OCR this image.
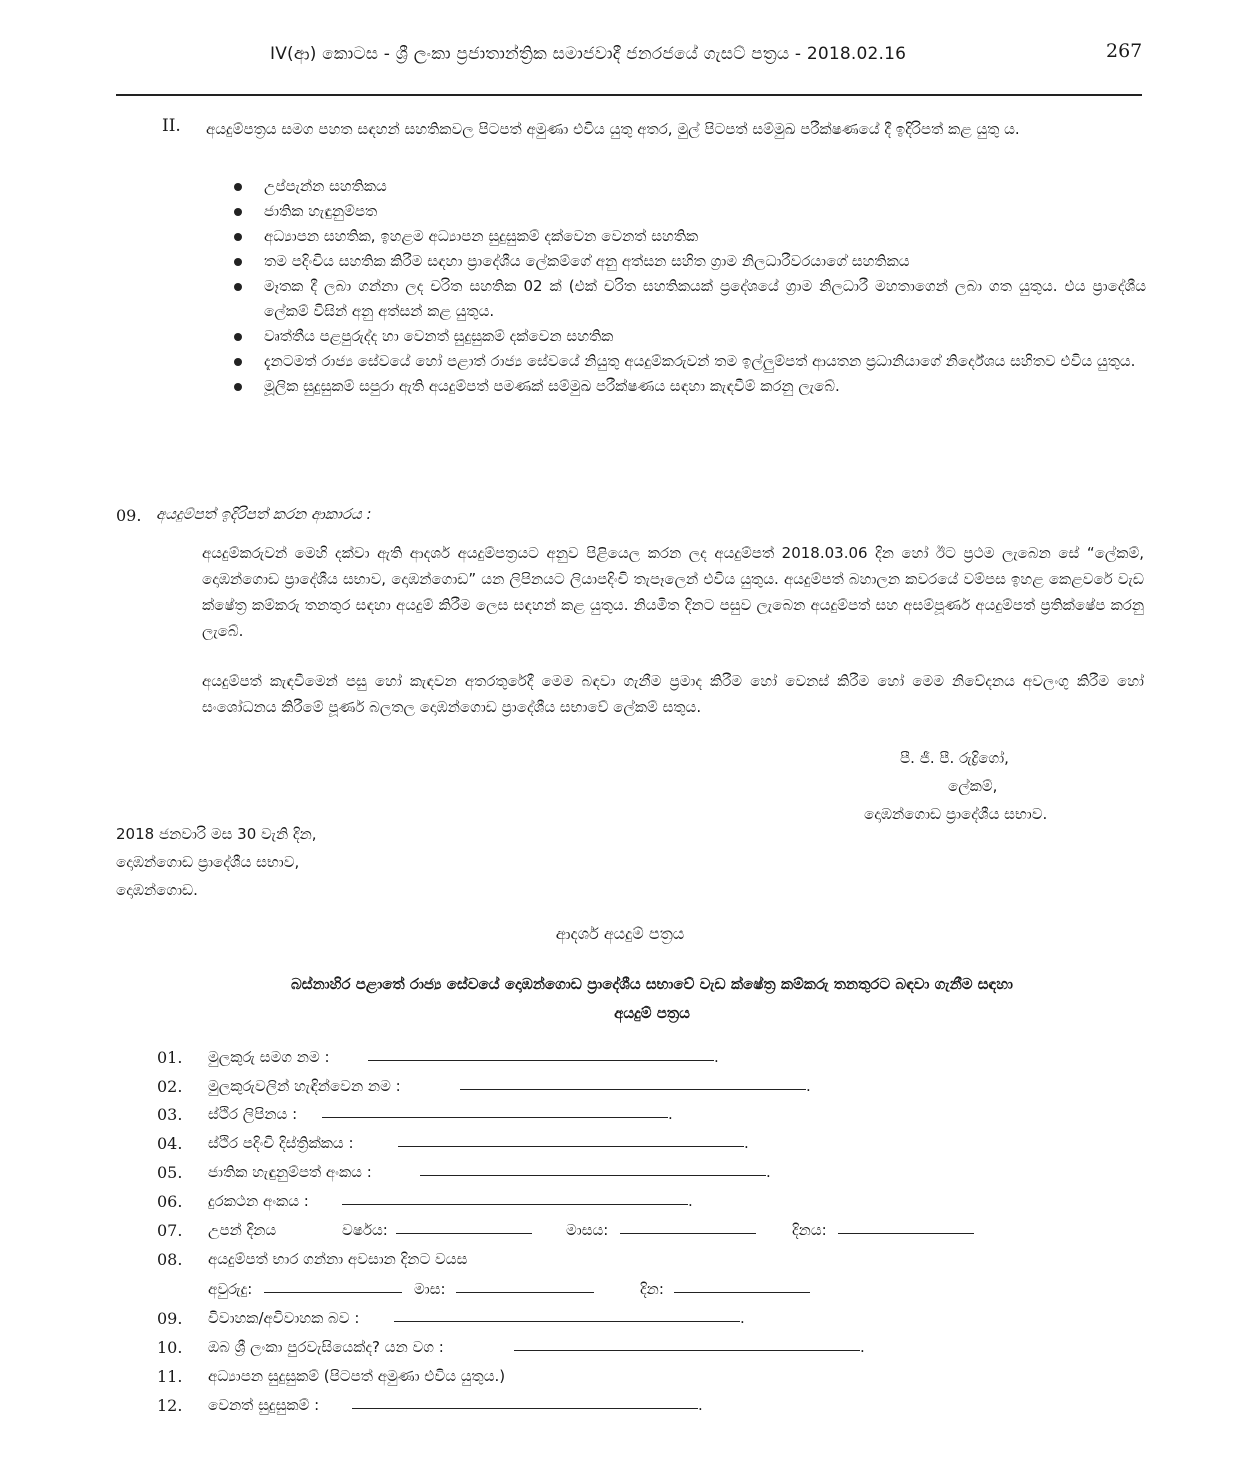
IV(ආ) කොටස - ශ්‍රී ලංකා ප්‍රජාතාන්ත්‍රික සමාජවාදී ජනරජයේ ගැසට් පත්‍රය - 2018.02.16	267
II. අයදුම්පත්‍රය සමග පහත සඳහන් සහතිකවල පිටපත් අමුණා එවිය යුතු අතර, මුල් පිටපත් සම්මුඛ පරීක්ෂණයේ දී ඉදිරිපත් කළ යුතු ය.
උප්පැන්න සහතිකය
ජාතික හැඳුනුම්පත
අධ්‍යාපන සහතික, ඉහළම අධ්‍යාපන සුදුසුකම් දක්වෙන වෙනත් සහතික
තම පදිංචිය සහතික කිරීම සඳහා ප්‍රාදේශීය ලේකම්ගේ අනු අත්සන සහිත ග්‍රාම නිලධාරීවරයාගේ සහතිකය
මෑතක දී ලබා ගන්නා ලද චරිත සහතික 02 ක් (එක් චරිත සහතිකයක් ප්‍රදේශයේ ග්‍රාම නිලධාරී මහතාගෙන් ලබා ගත යුතුය. එය ප්‍රාදේශීය ලේකම් විසින් අනු අත්සන් කළ යුතුය.
වෘත්තීය පළපුරුද්ද හා වෙනත් සුදුසුකම් දක්වෙන සහතික
දැනටමත් රාජ්‍ය සේවයේ හෝ පළාත් රාජ්‍ය සේවයේ නියුතු අයදුම්කරුවන් තම ඉල්ලුම්පත් ආයතන ප්‍රධානියාගේ නිර්දේශය සහිතව එවිය යුතුය.
මූලික සුදුසුකම් සපුරා ඇති අයදුම්පත් පමණක් සම්මුඛ පරීක්ෂණය සඳහා කැඳවීම් කරනු ලැබේ.
09. අයදුම්පත් ඉදිරිපත් කරන ආකාරය :
අයදුම්කරුවන් මෙහි දක්වා ඇති ආදර්ශ අයදුම්පත්‍රයට අනුව පිළියෙල කරන ලද අයදුම්පත් 2018.03.06 දින හෝ ඊට ප්‍රථම ලැබෙන සේ “ලේකම්, දොඹන්ගොඩ ප්‍රාදේශීය සභාව, දොඹන්ගොඩ” යන ලිපිනයට ලියාපදිංචි තැපෑලෙන් එවිය යුතුය. අයදුම්පත් බහාලන කවරයේ වම්පස ඉහළ කෙළවරේ වැඩ ක්ෂේත්‍ර කම්කරු තනතුර සඳහා අයදුම් කිරීම ලෙස සඳහන් කළ යුතුය. නියමිත දිනට පසුව ලැබෙන අයදුම්පත් සහ අසම්පූර්ණ අයදුම්පත් ප්‍රතික්ෂේප කරනු ලැබේ.
අයදුම්පත් කැඳවීමෙන් පසු හෝ කැඳවන අතරතුරේදී මෙම බඳවා ගැනීම ප්‍රමාද කිරීම හෝ වෙනස් කිරීම හෝ මෙම නිවේදනය අවලංගු කිරීම හෝ සංශෝධනය කිරීමේ පූර්ණ බලතල දොඹන්ගොඩ ප්‍රාදේශීය සභාවේ ලේකම් සතුය.
පී. ජී. පී. රුද්‍රිගෝ,
ලේකම්,
දොඹන්ගොඩ ප්‍රාදේශීය සභාව.
2018 ජනවාරි මස 30 වැනි දින,
දොඹන්ගොඩ ප්‍රාදේශීය සභාව,
දොඹන්ගොඩ.
ආදර්ශ අයදුම් පත්‍රය
බස්නාහිර පළාතේ රාජ්‍ය සේවයේ දොඹන්ගොඩ ප්‍රාදේශීය සභාවේ වැඩ ක්ෂේත්‍ර කම්කරු තනතුරට බඳවා ගැනීම සඳහා
අයදුම් පත්‍රය
01. මුලකුරු සමග නම :	.
02. මුලකුරුවලින් හැඳින්වෙන නම :	.
03. ස්ථිර ලිපිනය :	.
04. ස්ථිර පදිංචි දිස්ත්‍රික්කය :	.
05. ජාතික හැඳුනුම්පත් අංකය :	.
06. දුරකථන අංකය :	.
07. උපන් දිනය	වර්ෂය:	මාසය:	දිනය:
08. අයදුම්පත් භාර ගන්නා අවසාන දිනට වයස
අවුරුදු:	මාස:	දින:
09. විවාහක/අවිවාහක බව :	.
10. ඔබ ශ්‍රී ලංකා පුරවැසියෙක්ද? යන වග :	.
11. අධ්‍යාපන සුදුසුකම් (පිටපත් අමුණා එවිය යුතුය.)
12. වෙනත් සුදුසුකම් :	.
